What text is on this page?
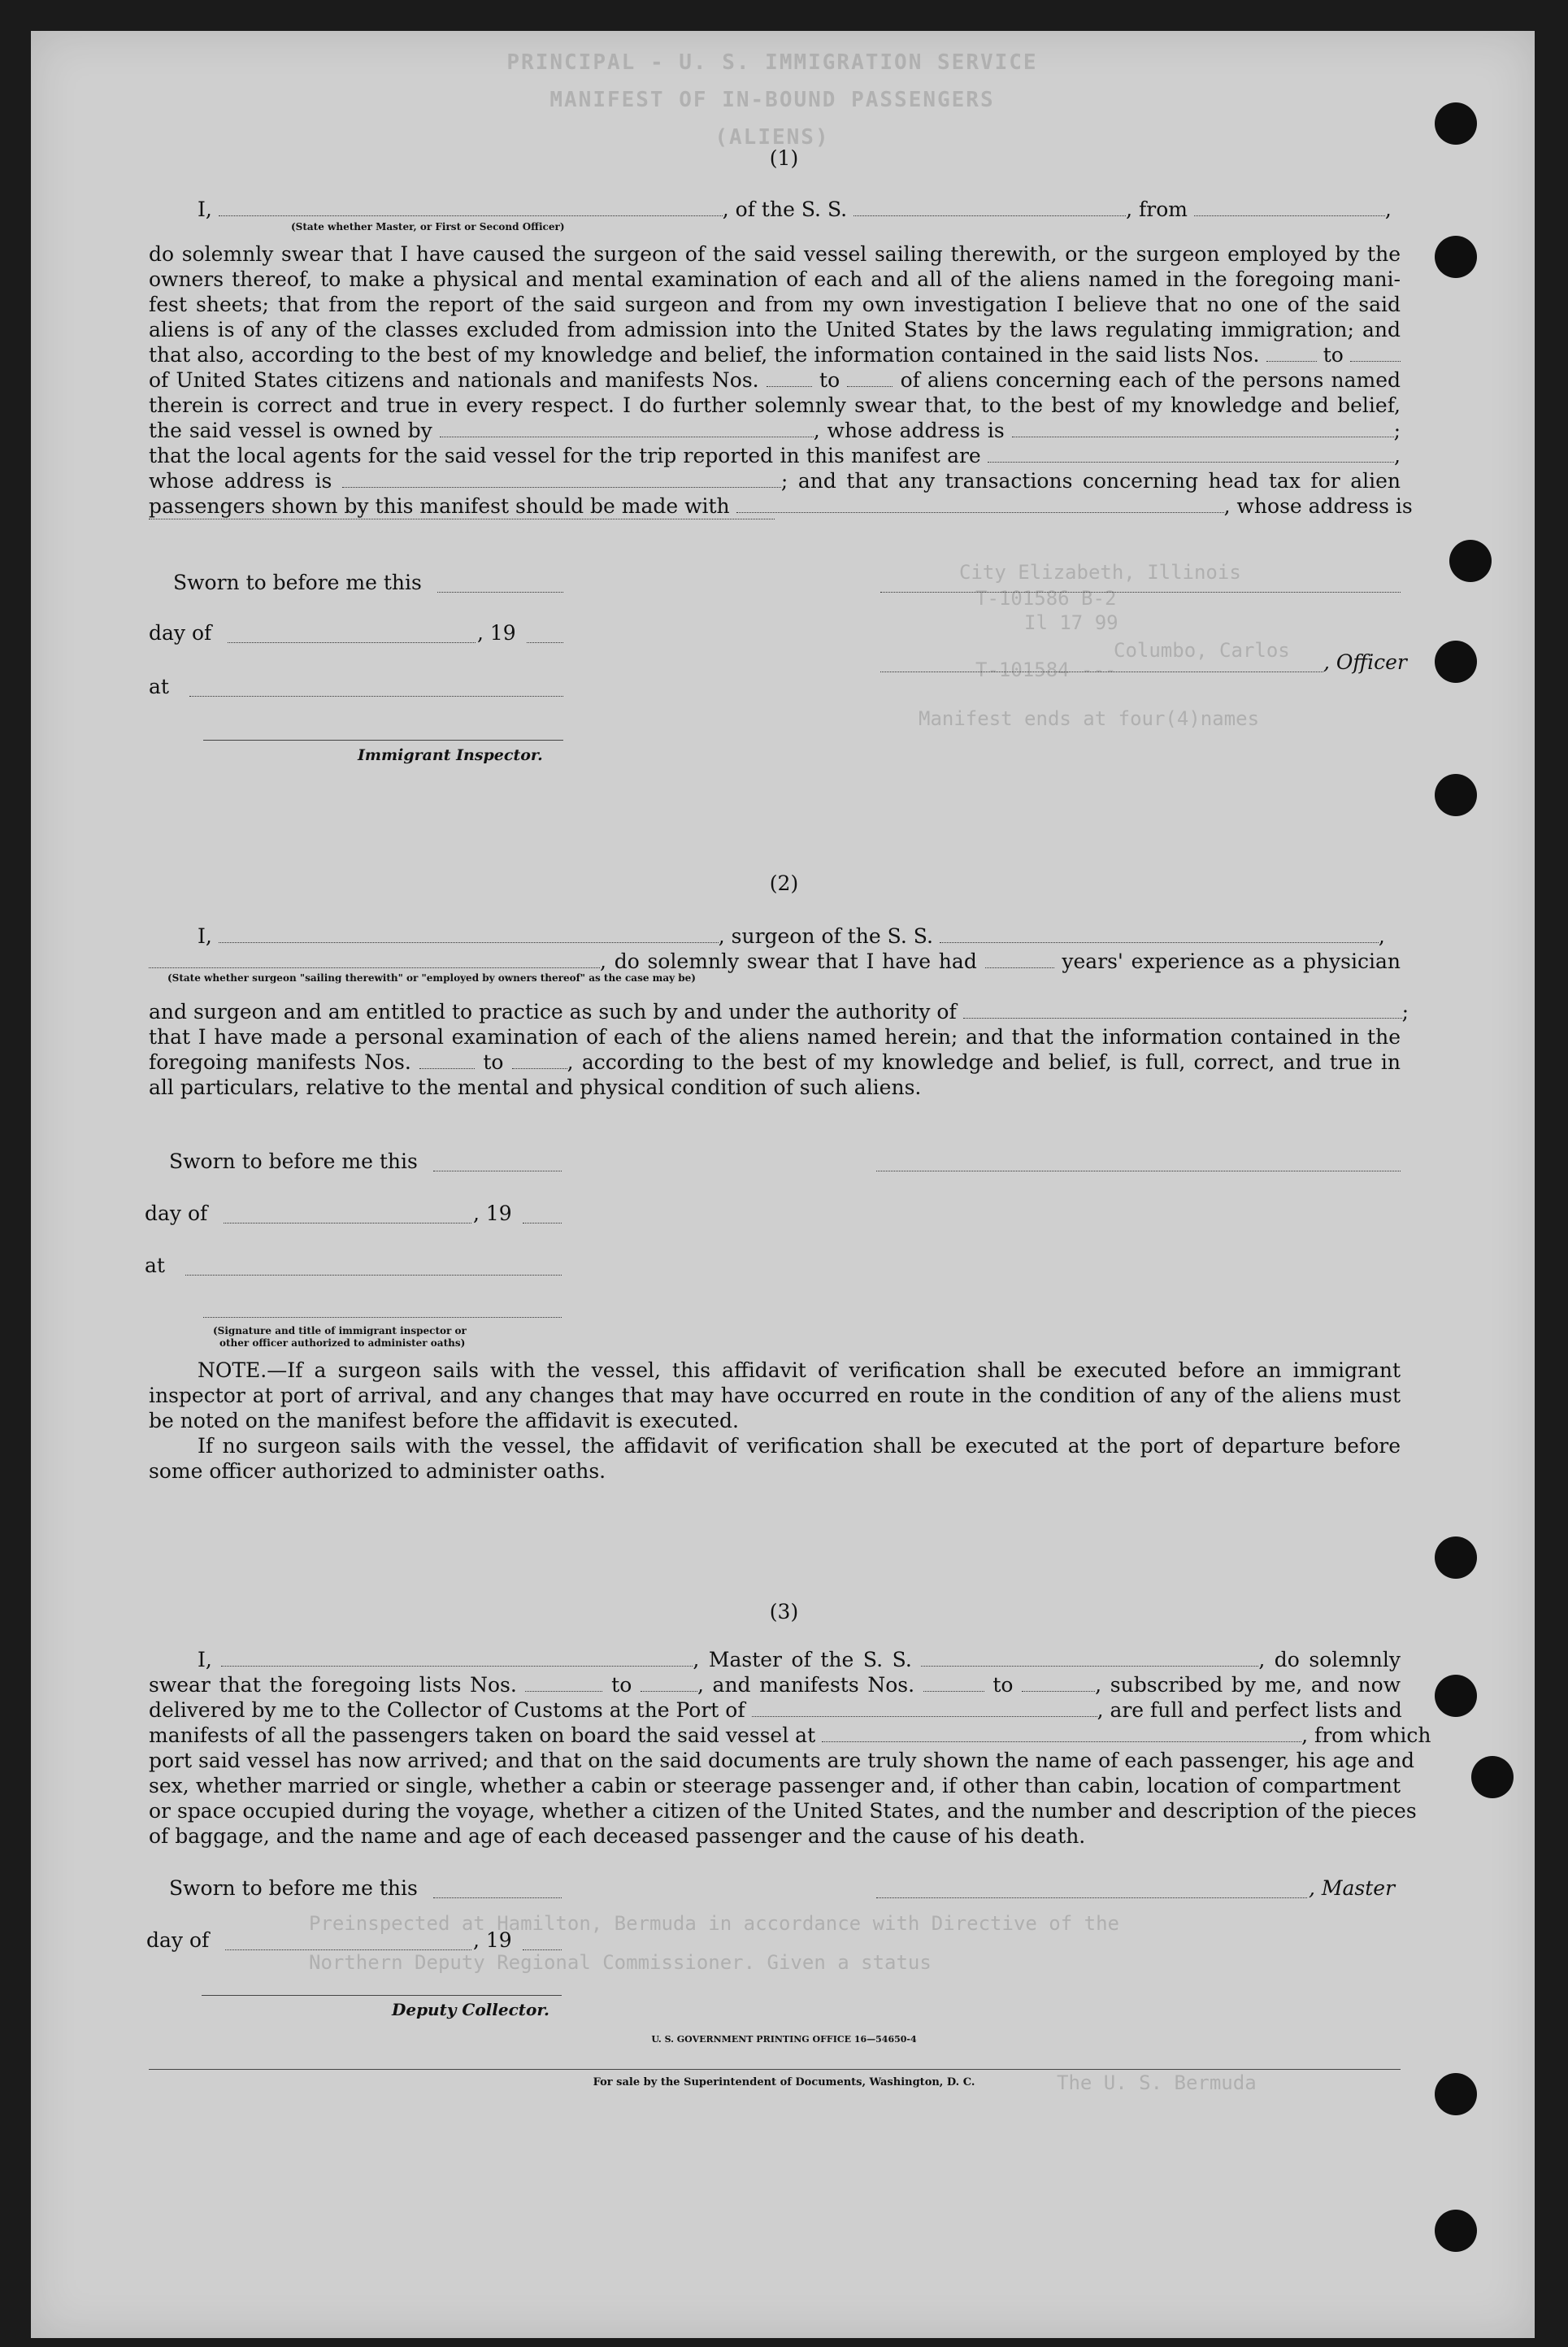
PRINCIPAL - U. S. IMMIGRATION SERVICE
MANIFEST OF IN-BOUND PASSENGERS (ALIENS)
City Elizabeth, Illinois
T-101586 B-2
Il 17 99
Columbo, Carlos
T-101584 ---
Manifest ends at four(4)names
Preinspected at Hamilton, Bermuda in accordance with Directive of the
Northern Deputy Regional Commissioner. Given a status
The U. S. Bermuda
(1)
I,	, of the S. S.	, from	,
(State whether Master, or First or Second Officer)
do solemnly swear that I have caused the surgeon of the said vessel sailing therewith, or the surgeon employed by the
owners thereof, to make a physical and mental examination of each and all of the aliens named in the foregoing mani-
fest sheets; that from the report of the said surgeon and from my own investigation I believe that no one of the said
aliens is of any of the classes excluded from admission into the United States by the laws regulating immigration; and
that also, according to the best of my knowledge and belief, the information contained in the said lists Nos.	to
of United States citizens and nationals and manifests Nos.	to	of aliens concerning each of the persons named
therein is correct and true in every respect. I do further solemnly swear that, to the best of my knowledge and belief,
the said vessel is owned by	, whose address is	;
that the local agents for the said vessel for the trip reported in this manifest are	,
whose address is	; and that any transactions concerning head tax for alien
passengers shown by this manifest should be made with	, whose address is
Sworn to before me this
day of	, 19
, Officer
at
Immigrant Inspector.
(2)
I,	, surgeon of the S. S.	,
, do solemnly swear that I have had	years' experience as a physician
(State whether surgeon "sailing therewith" or "employed by owners thereof" as the case may be)
and surgeon and am entitled to practice as such by and under the authority of	;
that I have made a personal examination of each of the aliens named herein; and that the information contained in the
foregoing manifests Nos.	to	, according to the best of my knowledge and belief, is full, correct, and true in
all particulars, relative to the mental and physical condition of such aliens.
Sworn to before me this
day of	, 19
at
(Signature and title of immigrant inspector or
other officer authorized to administer oaths)
NOTE.—If a surgeon sails with the vessel, this affidavit of verification shall be executed before an immigrant
inspector at port of arrival, and any changes that may have occurred en route in the condition of any of the aliens must
be noted on the manifest before the affidavit is executed.
If no surgeon sails with the vessel, the affidavit of verification shall be executed at the port of departure before
some officer authorized to administer oaths.
(3)
I,	, Master of the S. S.	, do solemnly
swear that the foregoing lists Nos.	to	, and manifests Nos.	to	, subscribed by me, and now
delivered by me to the Collector of Customs at the Port of	, are full and perfect lists and
manifests of all the passengers taken on board the said vessel at	, from which
port said vessel has now arrived; and that on the said documents are truly shown the name of each passenger, his age and
sex, whether married or single, whether a cabin or steerage passenger and, if other than cabin, location of compartment
or space occupied during the voyage, whether a citizen of the United States, and the number and description of the pieces
of baggage, and the name and age of each deceased passenger and the cause of his death.
Sworn to before me this	, Master
day of	, 19
Deputy Collector.
U. S. GOVERNMENT PRINTING OFFICE 16—54650-4
For sale by the Superintendent of Documents, Washington, D. C.
